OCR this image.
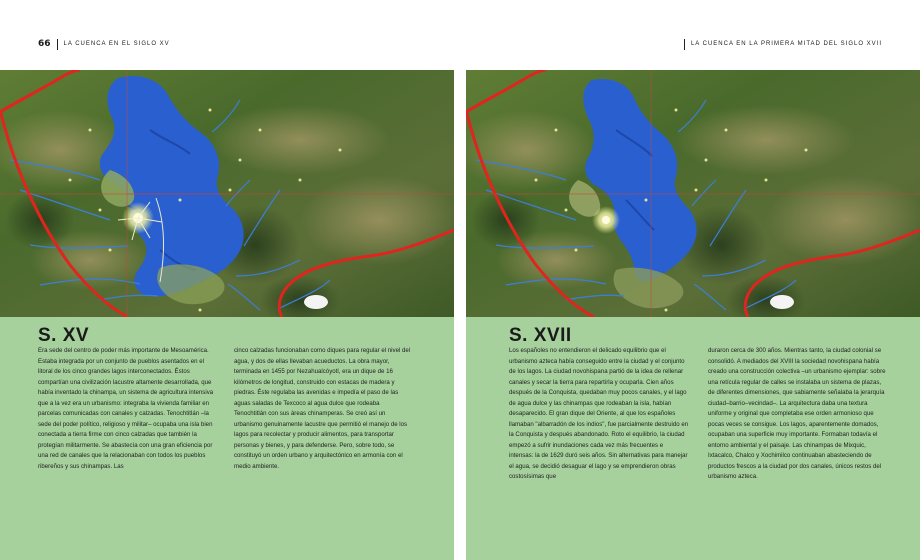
66 LA CUENCA EN EL SIGLO XV
S. XV

Era sede del centro de poder más importante de Mesoamérica. Estaba integrada por un conjunto de pueblos asentados en el litoral de los cinco grandes lagos interconectados. Éstos compartían una civilización lacustre altamente desarrollada, que había inventado la chinampa, un sistema de agricultura intensiva que a la vez era un urbanismo: integraba la vivienda familiar en parcelas comunicadas con canales y calzadas. Tenochtitlán –la sede del poder político, religioso y militar– ocupaba una isla bien conectada a tierra firme con cinco calzadas que también la protegían militarmente. Se abastecía con una gran eficiencia por una red de canales que la relacionaban con todos los pueblos ribereños y sus chinampas. Las

cinco calzadas funcionaban como diques para regular el nivel del agua, y dos de ellas llevaban acueductos. La obra mayor, terminada en 1455 por Nezahualcóyotl, era un dique de 16 kilómetros de longitud, construido con estacas de madera y piedras. Éste regulaba las avenidas e impedía el paso de las aguas saladas de Texcoco al agua dulce que rodeaba Tenochtitlán con sus áreas chinamperas. Se creó así un urbanismo genuinamente lacustre que permitió el manejo de los lagos para recolectar y producir alimentos, para transportar personas y bienes, y para defenderse. Pero, sobre todo, se constituyó un orden urbano y arquitectónico en armonía con el medio ambiente.

LA CUENCA EN LA PRIMERA MITAD DEL SIGLO XVII
S. XVII

Los españoles no entendieron el delicado equilibrio que el urbanismo azteca había conseguido entre la ciudad y el conjunto de los lagos. La ciudad novohispana partió de la idea de rellenar canales y secar la tierra para repartirla y ocuparla. Cien años después de la Conquista, quedaban muy pocos canales, y el lago de agua dulce y las chinampas que rodeaban la isla, habían desaparecido. El gran dique del Oriente, al que los españoles llamaban "albarradón de los indios", fue parcialmente destruido en la Conquista y después abandonado. Roto el equilibrio, la ciudad empezó a sufrir inundaciones cada vez más frecuentes e intensas: la de 1629 duró seis años. Sin alternativas para manejar el agua, se decidió desaguar el lago y se emprendieron obras costosísimas que

duraron cerca de 300 años. Mientras tanto, la ciudad colonial se consolidó. A mediados del XVIII la sociedad novohispana había creado una construcción colectiva –un urbanismo ejemplar: sobre una retícula regular de calles se instalaba un sistema de plazas, de diferentes dimensiones, que sabiamente señalaba la jerarquía ciudad–barrio–vecindad–. La arquitectura daba una textura uniforme y original que completaba ese orden armonioso que pocas veces se consigue. Los lagos, aparentemente domados, ocupaban una superficie muy importante. Formaban todavía el entorno ambiental y el paisaje. Las chinampas de Mixquic, Ixtacalco, Chalco y Xochimilco continuaban abasteciendo de productos frescos a la ciudad por dos canales, únicos restos del urbanismo azteca.
